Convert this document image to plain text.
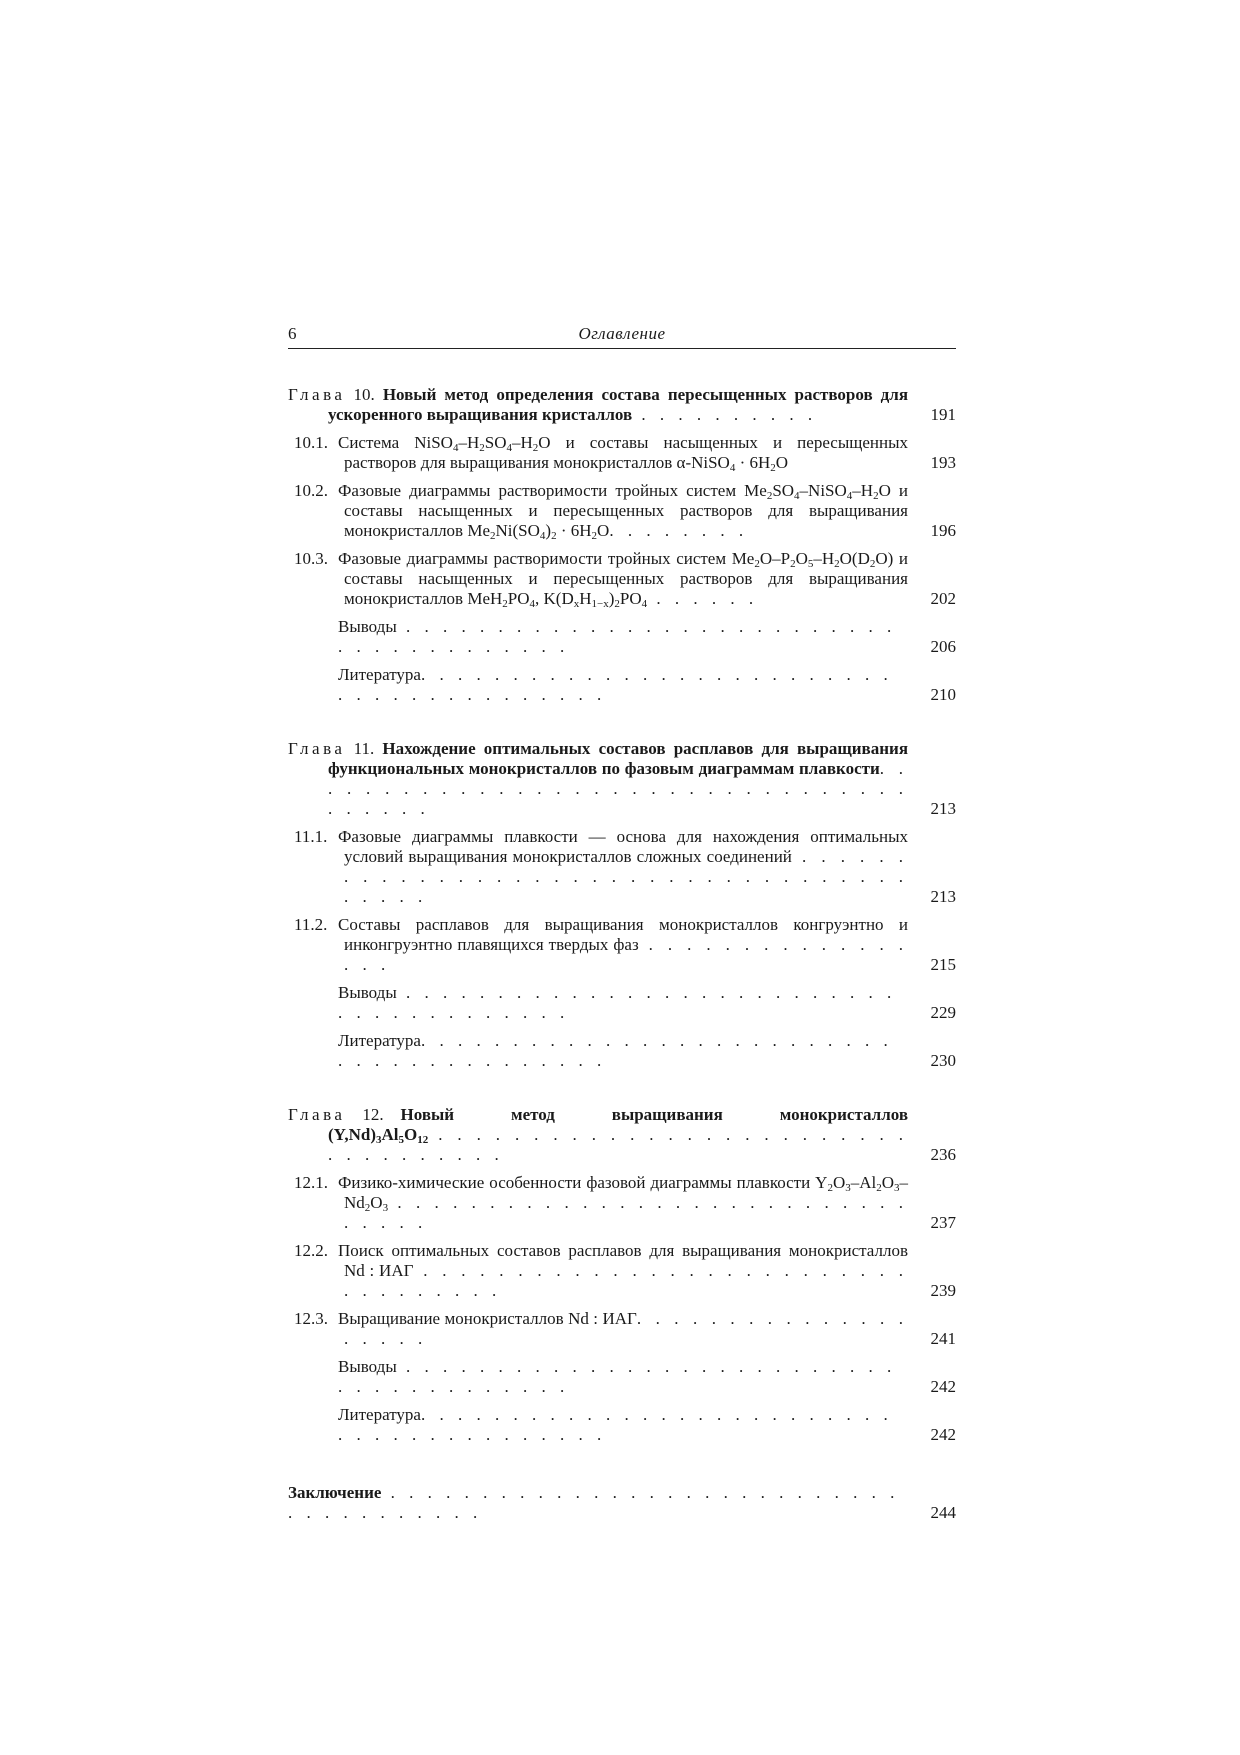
6	Оглавление
Глава 10. Новый метод определения состава пересыщенных растворов для ускоренного выращивания кристаллов . . . . . . . . . .	191
10.1. Система $NiSO_4-H_2SO_4-H_2O$ и составы насыщенных и пересыщенных растворов для выращивания монокристаллов α-NiSO$_4$ · $6H_2O$	193
10.2. Фазовые диаграммы растворимости тройных систем $Me_2SO_4-NiSO_4-H_2O$ и составы насыщенных и пересыщенных растворов для выращивания монокристаллов $Me_2Ni(SO_4)_2 \cdot 6H_2O$. . . . . . . .	196
10.3. Фазовые диаграммы растворимости тройных систем $Me_2O-P_2O_5-H_2O(D_2O)$ и составы насыщенных и пересыщенных растворов для выращивания монокристаллов $MeH_2PO_4$, $K(D_xH_{1-x})_2PO_4$ . . . . . .	202
Выводы . . . . . . . . . . . . . . . . . . . . . . . . . . . . . . . . . . . . . . . .	206
Литература. . . . . . . . . . . . . . . . . . . . . . . . . . . . . . . . . . . . . . . . .	210
Глава 11. Нахождение оптимальных составов расплавов для выращивания функциональных монокристаллов по фазовым диаграммам плавкости. . . . . . . . . . . . . . . . . . . . . . . . . . . . . . . . . . . . . . .	213
11.1. Фазовые диаграммы плавкости — основа для нахождения оптимальных условий выращивания монокристаллов сложных соединений . . . . . . . . . . . . . . . . . . . . . . . . . . . . . . . . . . . . . . . . .	213
11.2. Составы расплавов для выращивания монокристаллов конгруэнтно и инконгруэнтно плавящихся твердых фаз . . . . . . . . . . . . . . . . .	215
Выводы . . . . . . . . . . . . . . . . . . . . . . . . . . . . . . . . . . . . . . . .	229
Литература. . . . . . . . . . . . . . . . . . . . . . . . . . . . . . . . . . . . . . . . .	230
Глава 12. Новый метод выращивания монокристаллов $(Y,Nd)_3Al_5O_{12}$ . . . . . . . . . . . . . . . . . . . . . . . . . . . . . . . . . . .	236
12.1. Физико-химические особенности фазовой диаграммы плавкости $Y_2O_3-Al_2O_3-Nd_2O_3$ . . . . . . . . . . . . . . . . . . . . . . . . . . . . . . . . .	237
12.2. Поиск оптимальных составов расплавов для выращивания монокристаллов Nd : ИАГ . . . . . . . . . . . . . . . . . . . . . . . . . . . . . . . . . . .	239
12.3. Выращивание монокристаллов Nd : ИАГ. . . . . . . . . . . . . . . . . . . .	241
Выводы . . . . . . . . . . . . . . . . . . . . . . . . . . . . . . . . . . . . . . . .	242
Литература. . . . . . . . . . . . . . . . . . . . . . . . . . . . . . . . . . . . . . . . .	242
Заключение . . . . . . . . . . . . . . . . . . . . . . . . . . . . . . . . . . . . . . .	244
